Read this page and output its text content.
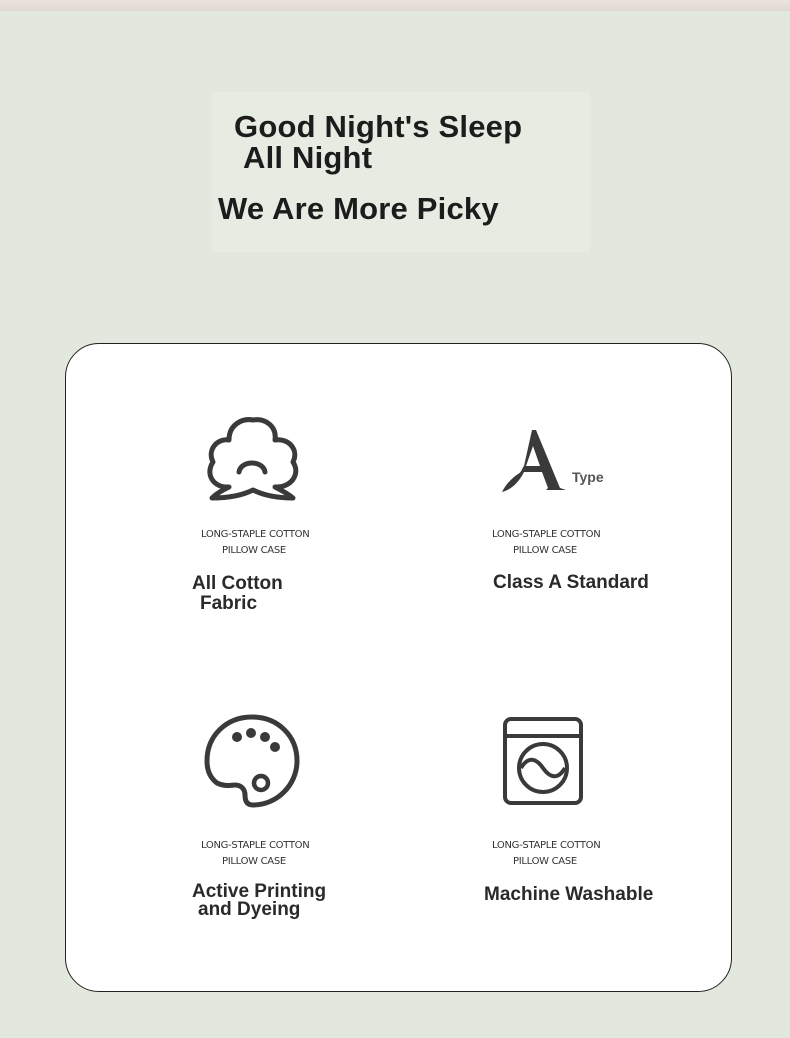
Good Night's Sleep
All Night
We Are More Picky
LONG-STAPLE COTTON
PILLOW CASE
All Cotton
Fabric
Type
LONG-STAPLE COTTON
PILLOW CASE
Class A Standard
LONG-STAPLE COTTON
PILLOW CASE
Active Printing
and Dyeing
LONG-STAPLE COTTON
PILLOW CASE
Machine Washable
